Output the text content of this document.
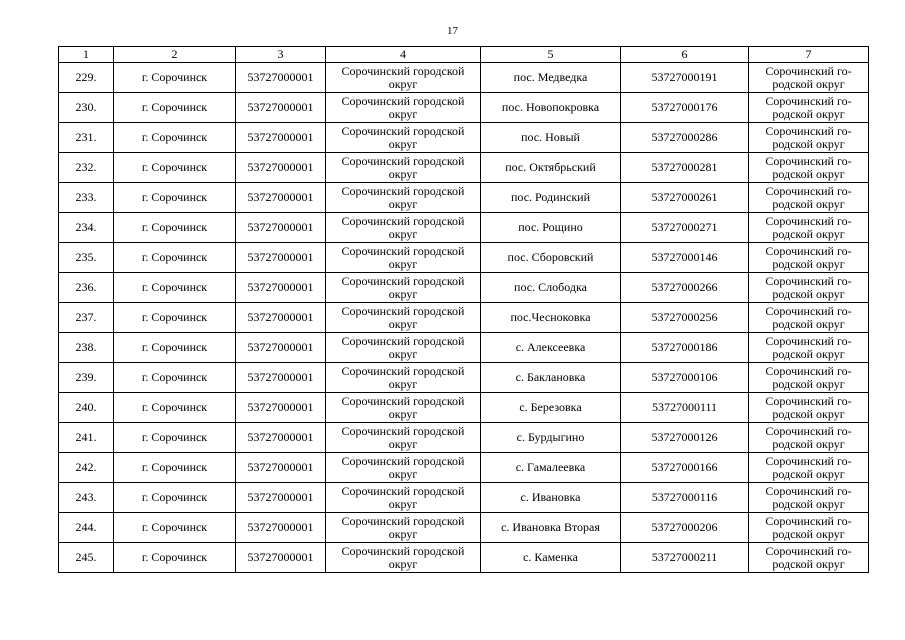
17
1	2	3	4	5	6	7
229.	г. Сорочинск	53727000001	Сорочинский городской округ	пос. Медведка	53727000191	Сорочинский го-родской округ
230.	г. Сорочинск	53727000001	Сорочинский городской округ	пос. Новопокровка	53727000176	Сорочинский го-родской округ
231.	г. Сорочинск	53727000001	Сорочинский городской округ	пос. Новый	53727000286	Сорочинский го-родской округ
232.	г. Сорочинск	53727000001	Сорочинский городской округ	пос. Октябрьский	53727000281	Сорочинский го-родской округ
233.	г. Сорочинск	53727000001	Сорочинский городской округ	пос. Родинский	53727000261	Сорочинский го-родской округ
234.	г. Сорочинск	53727000001	Сорочинский городской округ	пос. Рощино	53727000271	Сорочинский го-родской округ
235.	г. Сорочинск	53727000001	Сорочинский городской округ	пос. Сборовский	53727000146	Сорочинский го-родской округ
236.	г. Сорочинск	53727000001	Сорочинский городской округ	пос. Слободка	53727000266	Сорочинский го-родской округ
237.	г. Сорочинск	53727000001	Сорочинский городской округ	пос.Чесноковка	53727000256	Сорочинский го-родской округ
238.	г. Сорочинск	53727000001	Сорочинский городской округ	с. Алексеевка	53727000186	Сорочинский го-родской округ
239.	г. Сорочинск	53727000001	Сорочинский городской округ	с. Баклановка	53727000106	Сорочинский го-родской округ
240.	г. Сорочинск	53727000001	Сорочинский городской округ	с. Березовка	53727000111	Сорочинский го-родской округ
241.	г. Сорочинск	53727000001	Сорочинский городской округ	с. Бурдыгино	53727000126	Сорочинский го-родской округ
242.	г. Сорочинск	53727000001	Сорочинский городской округ	с. Гамалеевка	53727000166	Сорочинский го-родской округ
243.	г. Сорочинск	53727000001	Сорочинский городской округ	с. Ивановка	53727000116	Сорочинский го-родской округ
244.	г. Сорочинск	53727000001	Сорочинский городской округ	с. Ивановка Вторая	53727000206	Сорочинский го-родской округ
245.	г. Сорочинск	53727000001	Сорочинский городской округ	с. Каменка	53727000211	Сорочинский го-родской округ
